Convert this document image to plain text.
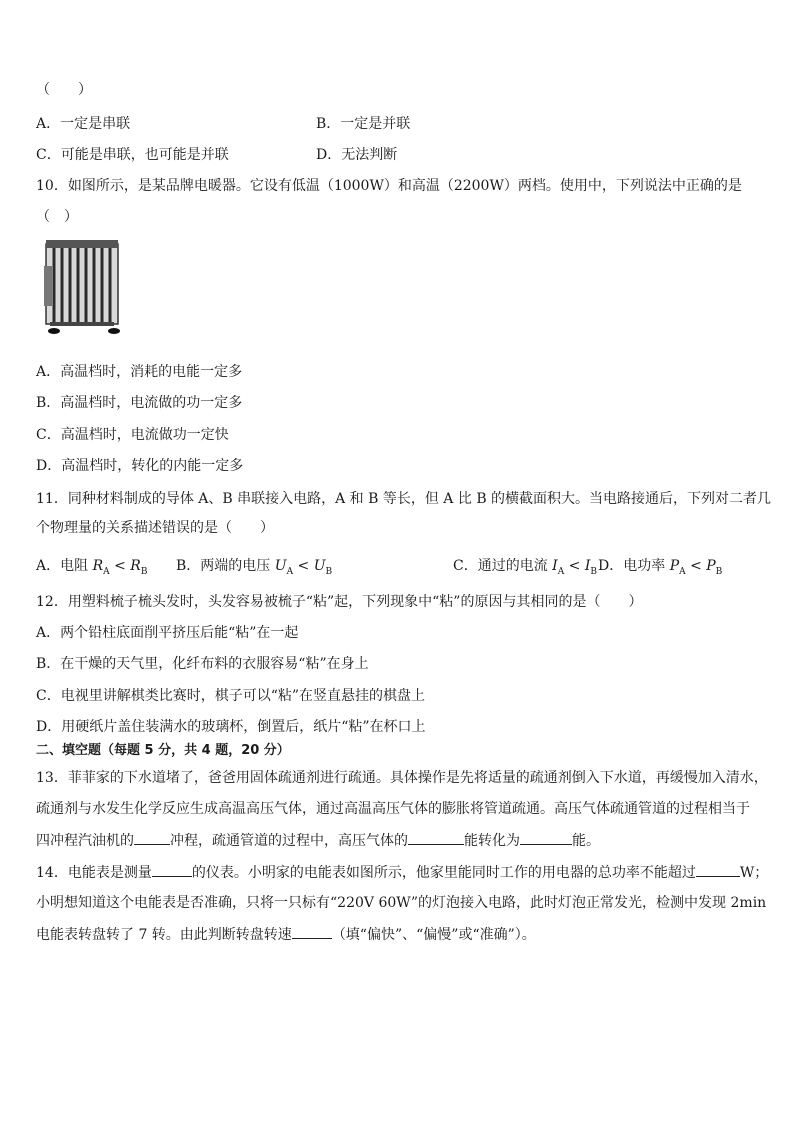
（　　）
A．一定是串联	B．一定是并联
C．可能是串联，也可能是并联	D．无法判断
10．如图所示，是某品牌电暖器。它设有低温（1000W）和高温（2200W）两档。使用中，下列说法中正确的是
（　）
A．高温档时，消耗的电能一定多
B．高温档时，电流做的功一定多
C．高温档时，电流做功一定快
D．高温档时，转化的内能一定多
11．同种材料制成的导体 A、B 串联接入电路，A 和 B 等长，但 A 比 B 的横截面积大。当电路接通后，下列对二者几
个物理量的关系描述错误的是（　　）
A．电阻 $R_A < R_B$ B．两端的电压 $U_A < U_B$	C．通过的电流 $I_A < I_B$ D．电功率 $P_A < P_B$
12．用塑料梳子梳头发时，头发容易被梳子“粘”起，下列现象中“粘”的原因与其相同的是（　　）
A．两个铅柱底面削平挤压后能“粘”在一起
B．在干燥的天气里，化纤布料的衣服容易“粘”在身上
C．电视里讲解棋类比赛时，棋子可以“粘”在竖直悬挂的棋盘上
D．用硬纸片盖住装满水的玻璃杯，倒置后，纸片“粘”在杯口上
二、填空题（每题 5 分，共 4 题，20 分）
13．菲菲家的下水道堵了，爸爸用固体疏通剂进行疏通。具体操作是先将适量的疏通剂倒入下水道，再缓慢加入清水，
疏通剂与水发生化学反应生成高温高压气体，通过高温高压气体的膨胀将管道疏通。高压气体疏通管道的过程相当于
四冲程汽油机的	冲程，疏通管道的过程中，高压气体的	能转化为	能。
14．电能表是测量	的仪表。小明家的电能表如图所示，他家里能同时工作的用电器的总功率不能超过	W；
小明想知道这个电能表是否准确，只将一只标有“220V 60W”的灯泡接入电路，此时灯泡正常发光，检测中发现 2min
电能表转盘转了 7 转。由此判断转盘转速	（填“偏快”、“偏慢”或“准确”）。
